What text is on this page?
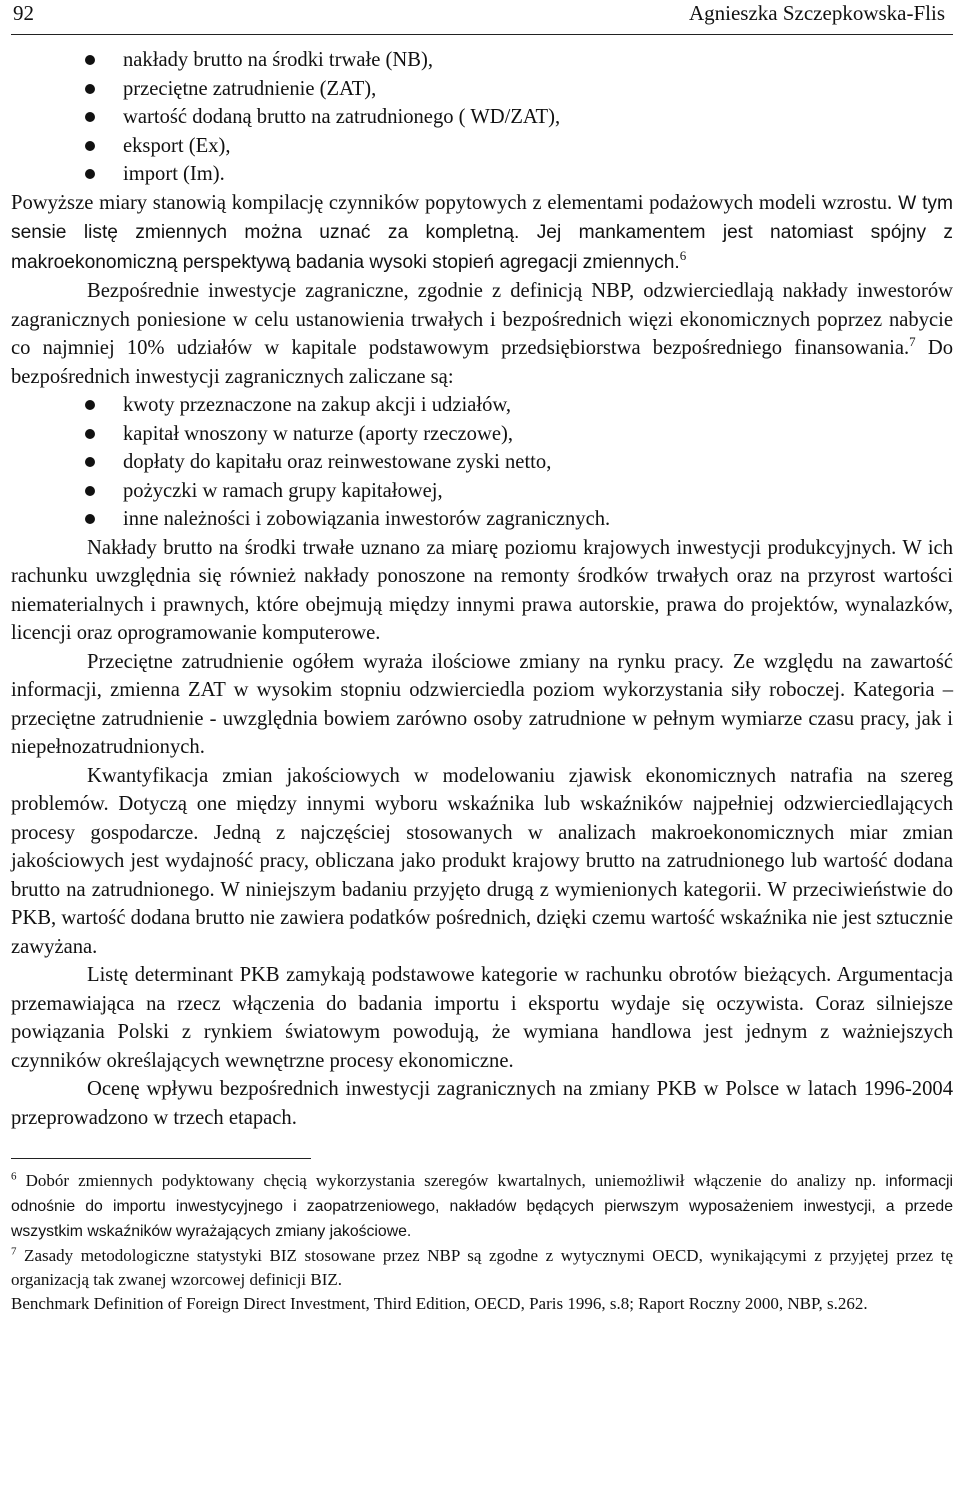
92	Agnieszka Szczepkowska-Flis
nakłady brutto na środki trwałe (NB),
przeciętne zatrudnienie (ZAT),
wartość dodaną brutto na zatrudnionego ( WD/ZAT),
eksport (Ex),
import (Im).

Powyższe miary stanowią kompilację czynników popytowych z elementami podażowych modeli wzrostu. W tym sensie listę zmiennych można uznać za kompletną. Jej mankamentem jest natomiast spójny z makroekonomiczną perspektywą badania wysoki stopień agregacji zmiennych.$^6$

Bezpośrednie inwestycje zagraniczne, zgodnie z definicją NBP, odzwierciedlają nakłady inwestorów zagranicznych poniesione w celu ustanowienia trwałych i bezpośrednich więzi ekonomicznych poprzez nabycie co najmniej 10% udziałów w kapitale podstawowym przedsiębiorstwa bezpośredniego finansowania.$^7$ Do bezpośrednich inwestycji zagranicznych zaliczane są:

kwoty przeznaczone na zakup akcji i udziałów,
kapitał wnoszony w naturze (aporty rzeczowe),
dopłaty do kapitału oraz reinwestowane zyski netto,
pożyczki w ramach grupy kapitałowej,
inne należności i zobowiązania inwestorów zagranicznych.

Nakłady brutto na środki trwałe uznano za miarę poziomu krajowych inwestycji produkcyjnych. W ich rachunku uwzględnia się również nakłady ponoszone na remonty środków trwałych oraz na przyrost wartości niematerialnych i prawnych, które obejmują między innymi prawa autorskie, prawa do projektów, wynalazków, licencji oraz oprogramowanie komputerowe.

Przeciętne zatrudnienie ogółem wyraża ilościowe zmiany na rynku pracy. Ze względu na zawartość informacji, zmienna ZAT w wysokim stopniu odzwierciedla poziom wykorzystania siły roboczej. Kategoria – przeciętne zatrudnienie - uwzględnia bowiem zarówno osoby zatrudnione w pełnym wymiarze czasu pracy, jak i niepełnozatrudnionych.

Kwantyfikacja zmian jakościowych w modelowaniu zjawisk ekonomicznych natrafia na szereg problemów. Dotyczą one między innymi wyboru wskaźnika lub wskaźników najpełniej odzwierciedlających procesy gospodarcze. Jedną z najczęściej stosowanych w analizach makroekonomicznych miar zmian jakościowych jest wydajność pracy, obliczana jako produkt krajowy brutto na zatrudnionego lub wartość dodana brutto na zatrudnionego. W niniejszym badaniu przyjęto drugą z wymienionych kategorii. W przeciwieństwie do PKB, wartość dodana brutto nie zawiera podatków pośrednich, dzięki czemu wartość wskaźnika nie jest sztucznie zawyżana.

Listę determinant PKB zamykają podstawowe kategorie w rachunku obrotów bieżących. Argumentacja przemawiająca na rzecz włączenia do badania importu i eksportu wydaje się oczywista. Coraz silniejsze powiązania Polski z rynkiem światowym powodują, że wymiana handlowa jest jednym z ważniejszych czynników określających wewnętrzne procesy ekonomiczne.

Ocenę wpływu bezpośrednich inwestycji zagranicznych na zmiany PKB w Polsce w latach 1996-2004 przeprowadzono w trzech etapach.

$^6$ Dobór zmiennych podyktowany chęcią wykorzystania szeregów kwartalnych, uniemożliwił włączenie do analizy np. informacji odnośnie do importu inwestycyjnego i zaopatrzeniowego, nakładów będących pierwszym wyposażeniem inwestycji, a przede wszystkim wskaźników wyrażających zmiany jakościowe.

$^7$ Zasady metodologiczne statystyki BIZ stosowane przez NBP są zgodne z wytycznymi OECD, wynikającymi z przyjętej przez tę organizacją tak zwanej wzorcowej definicji BIZ.

Benchmark Definition of Foreign Direct Investment, Third Edition, OECD, Paris 1996, s.8; Raport Roczny 2000, NBP, s.262.
